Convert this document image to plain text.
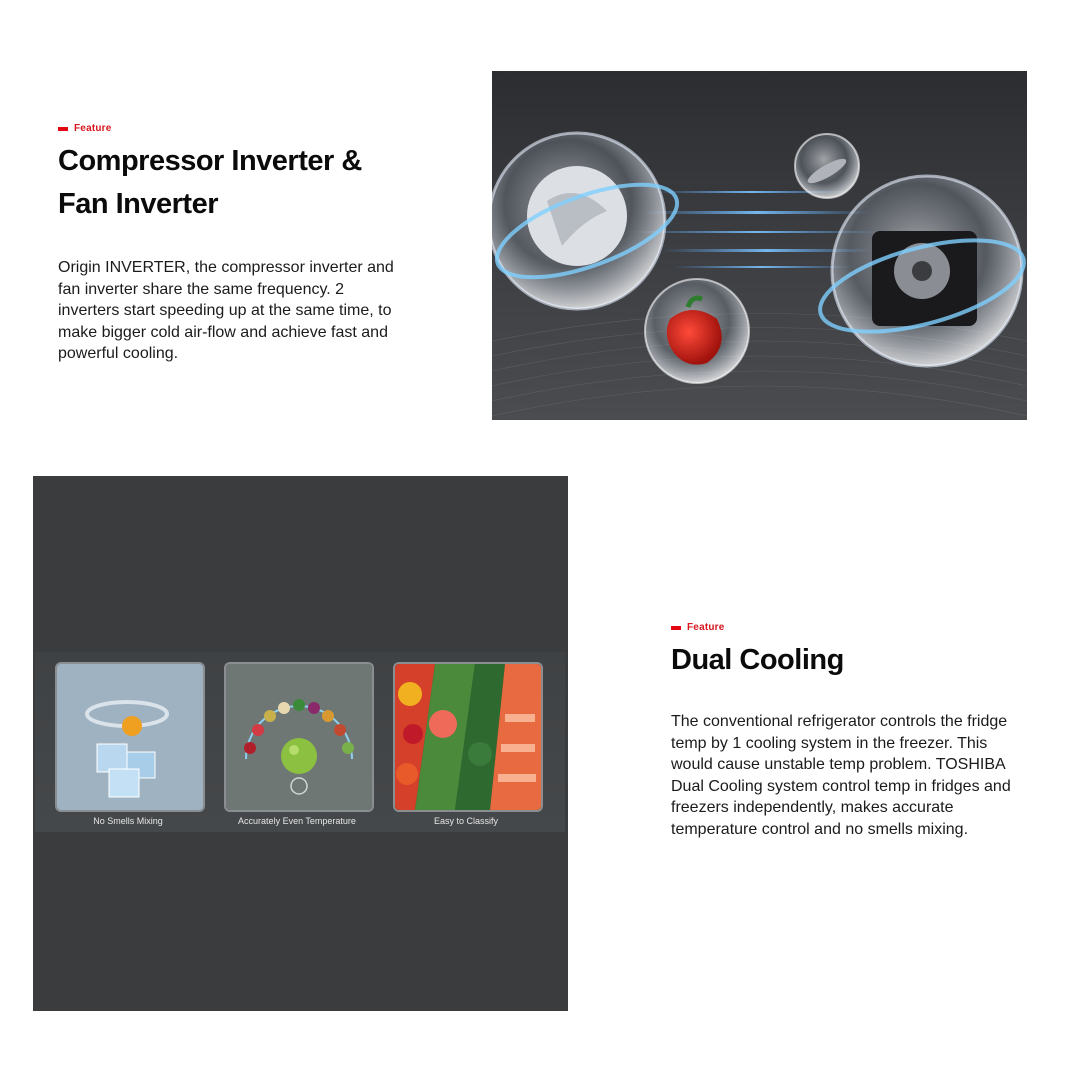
Feature
Compressor Inverter &
Fan Inverter

Origin INVERTER, the compressor inverter and fan inverter share the same frequency. 2 inverters start speeding up at the same time, to make bigger cold air-flow and achieve fast and powerful cooling.

No Smells Mixing	Accurately Even Temperature	Easy to Classify
Feature
Dual Cooling

The conventional refrigerator controls the fridge temp by 1 cooling system in the freezer. This would cause unstable temp problem. TOSHIBA Dual Cooling system control temp in fridges and freezers independently, makes accurate temperature control and no smells mixing.
